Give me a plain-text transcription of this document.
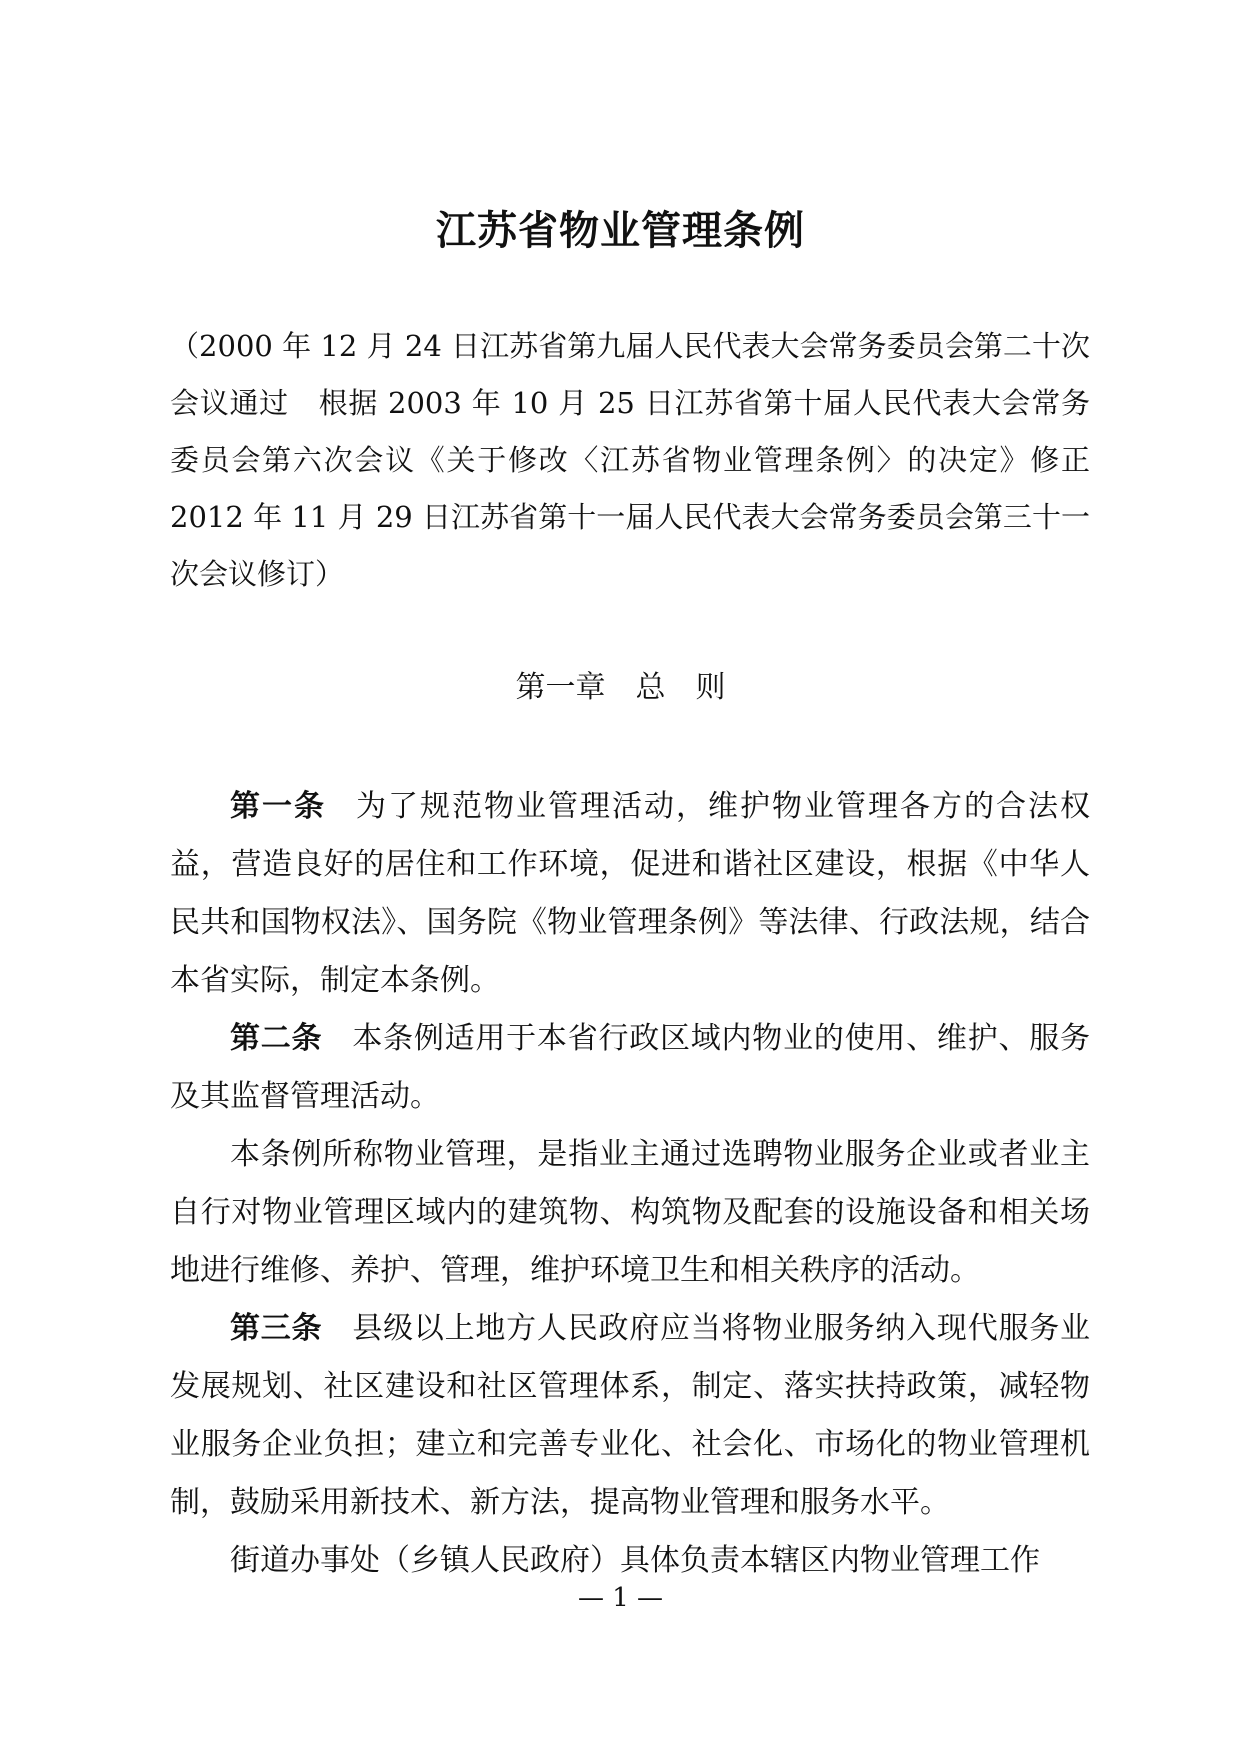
江苏省物业管理条例
（2000 年 12 月 24 日江苏省第九届人民代表大会常务委员会第二十次会议通过　根据 2003 年 10 月 25 日江苏省第十届人民代表大会常务委员会第六次会议《关于修改〈江苏省物业管理条例〉的决定》修正　2012 年 11 月 29 日江苏省第十一届人民代表大会常务委员会第三十一次会议修订）
第一章　总　则

第一条 为了规范物业管理活动，维护物业管理各方的合法权益，营造良好的居住和工作环境，促进和谐社区建设，根据《中华人民共和国物权法》、国务院《物业管理条例》等法律、行政法规，结合本省实际，制定本条例。

第二条 本条例适用于本省行政区域内物业的使用、维护、服务及其监督管理活动。

本条例所称物业管理，是指业主通过选聘物业服务企业或者业主自行对物业管理区域内的建筑物、构筑物及配套的设施设备和相关场地进行维修、养护、管理，维护环境卫生和相关秩序的活动。

第三条 县级以上地方人民政府应当将物业服务纳入现代服务业发展规划、社区建设和社区管理体系，制定、落实扶持政策，减轻物业服务企业负担；建立和完善专业化、社会化、市场化的物业管理机制，鼓励采用新技术、新方法，提高物业管理和服务水平。

街道办事处（乡镇人民政府）具体负责本辖区内物业管理工作

— 1 —
